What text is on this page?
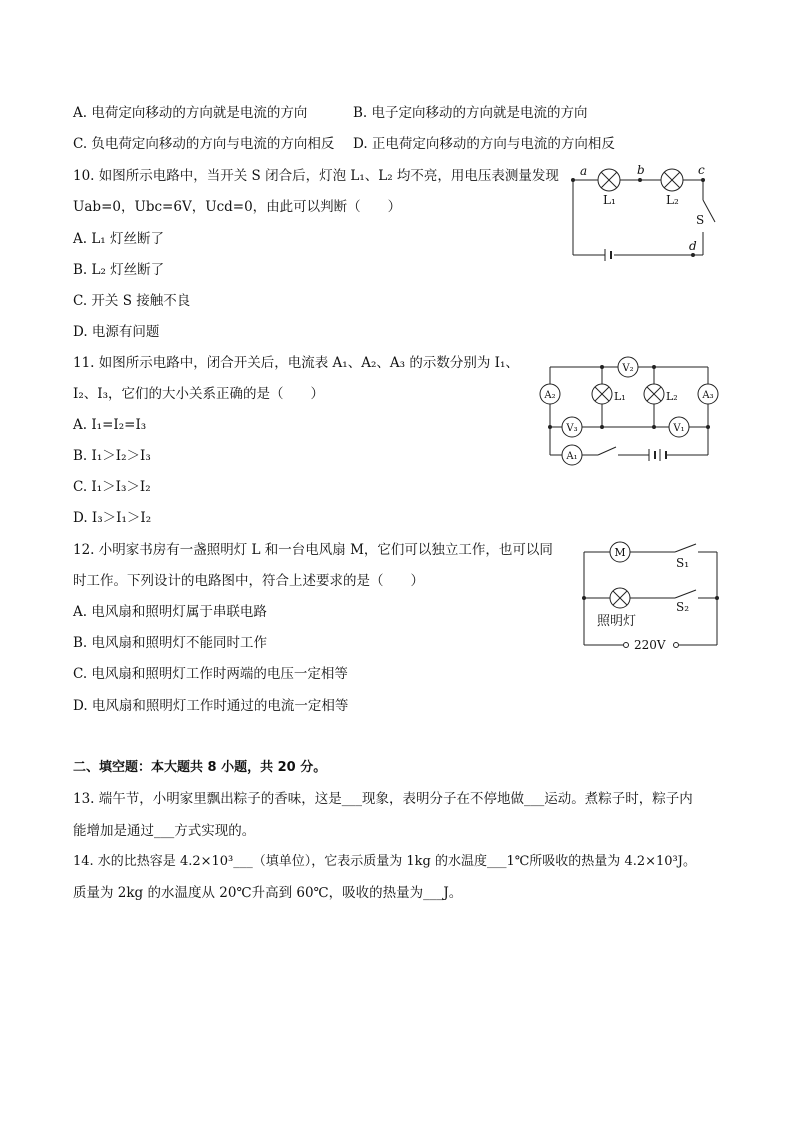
A. 电荷定向移动的方向就是电流的方向	B. 电子定向移动的方向就是电流的方向
C. 负电荷定向移动的方向与电流的方向相反 D. 正电荷定向移动的方向与电流的方向相反
10. 如图所示电路中，当开关 S 闭合后，灯泡 L₁、L₂ 均不亮，用电压表测量发现
Uab=0，Ubc=6V，Ucd=0，由此可以判断（　　）
A. L₁ 灯丝断了
B. L₂ 灯丝断了
C. 开关 S 接触不良
D. 电源有问题
a	b	c
d
L₁	L₂
S
11. 如图所示电路中，闭合开关后，电流表 A₁、A₂、A₃ 的示数分别为 I₁、
I₂、I₃，它们的大小关系正确的是（　　）
A. I₁=I₂=I₃
B. I₁＞I₂＞I₃
C. I₁＞I₃＞I₂
D. I₃＞I₁＞I₂
V₂
A₂	A₃
V₃	V₁
A₁
L₁	L₂
12. 小明家书房有一盏照明灯 L 和一台电风扇 M，它们可以独立工作，也可以同
时工作。下列设计的电路图中，符合上述要求的是（　　）
A. 电风扇和照明灯属于串联电路
B. 电风扇和照明灯不能同时工作
C. 电风扇和照明灯工作时两端的电压一定相等
D. 电风扇和照明灯工作时通过的电流一定相等
M
S₁
S₂
照明灯
220V
二、填空题：本大题共 8 小题，共 20 分。
13. 端午节，小明家里飘出粽子的香味，这是___现象，表明分子在不停地做___运动。煮粽子时，粽子内
能增加是通过___方式实现的。
14. 水的比热容是 4.2×10³___（填单位），它表示质量为 1kg 的水温度___1℃所吸收的热量为 4.2×10³J。
质量为 2kg 的水温度从 20℃升高到 60℃，吸收的热量为___J。
